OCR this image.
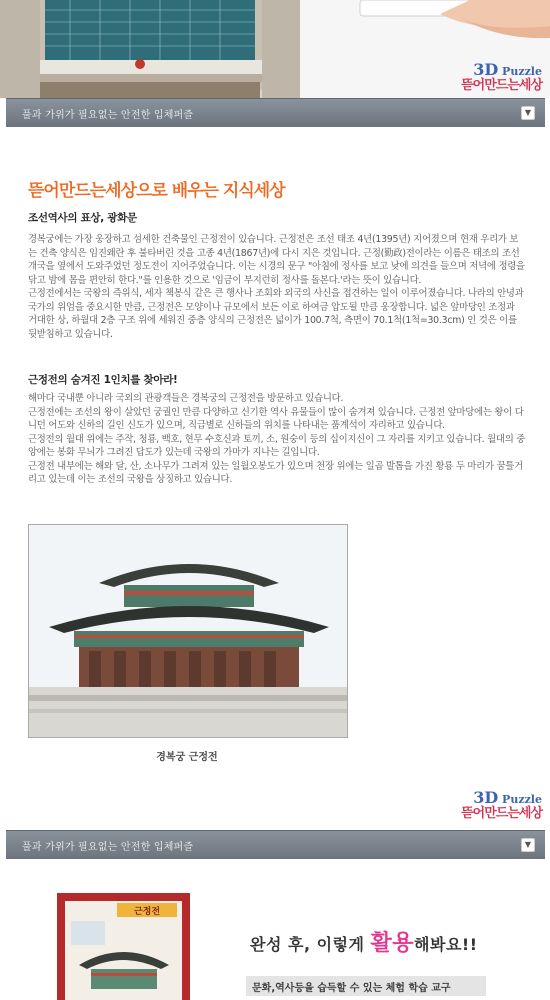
3D Puzzle
뜯어만드는세상
풀과 가위가 필요없는 안전한 입체퍼즐	▼
뜯어만드는세상으로 배우는 지식세상
조선역사의 표상, 광화문

경복궁에는 가장 웅장하고 섬세한 건축물인 근정전이 있습니다. 근정전은 조선 태조 4년(1395년) 지어졌으며 현재 우리가 보는 건축 양식은 임진왜란 후 불타버린 것을 고종 4년(1867년)에 다시 지은 것입니다. 근정(勤政)전이라는 이름은 태조의 조선 개국을 옆에서 도와주었던 정도전이 지어주었습니다. 이는 시경의 문구 "아침에 정사를 보고 낮에 의견을 들으며 저녁에 정령을 닦고 밤에 몸을 편안히 한다."를 인용한 것으로 '임금이 부지런히 정사를 돌본다.'라는 뜻이 있습니다.

근정전에서는 국왕의 즉위식, 세자 책봉식 같은 큰 행사나 조회와 외국의 사신을 접견하는 일이 이루어졌습니다. 나라의 안녕과 국가의 위엄을 중요시한 만큼, 근정전은 모양이나 규모에서 보든 이로 하여금 압도될 만큼 웅장합니다. 넓은 앞마당인 조정과 거대한 상, 하월대 2층 구조 위에 세워진 중층 양식의 근정전은 넓이가 100.7척, 측면이 70.1척(1척=30.3cm) 인 것은 이를 뒷받침하고 있습니다.

근정전의 숨겨진 1인치를 찾아라!

해마다 국내뿐 아니라 국외의 관광객들은 경복궁의 근정전을 방문하고 있습니다.

근정전에는 조선의 왕이 살았던 궁궐인 만큼 다양하고 신기한 역사 유물들이 많이 숨겨져 있습니다. 근정전 앞마당에는 왕이 다니던 어도와 신하의 길인 신도가 있으며, 직급별로 신하들의 위치를 나타내는 품계석이 자리하고 있습니다.

근정전의 월대 위에는 주작, 청룡, 백호, 현무 수호신과 토끼, 소, 원숭이 등의 십이지신이 그 자리를 지키고 있습니다. 월대의 중앙에는 봉화 무늬가 그려진 답도가 있는데 국왕의 가마가 지나는 길입니다.

근정전 내부에는 해와 달, 산, 소나무가 그려져 있는 일월오봉도가 있으며 천장 위에는 일곱 발톱을 가진 황룡 두 마리가 꿈틀거리고 있는데 이는 조선의 국왕을 상징하고 있습니다.

경복궁 근정전
3D Puzzle
뜯어만드는세상
풀과 가위가 필요없는 안전한 입체퍼즐	▼
근정전
완성 후, 이렇게 활용해봐요!!
문화,역사등을 습득할 수 있는 체험 학습 교구
